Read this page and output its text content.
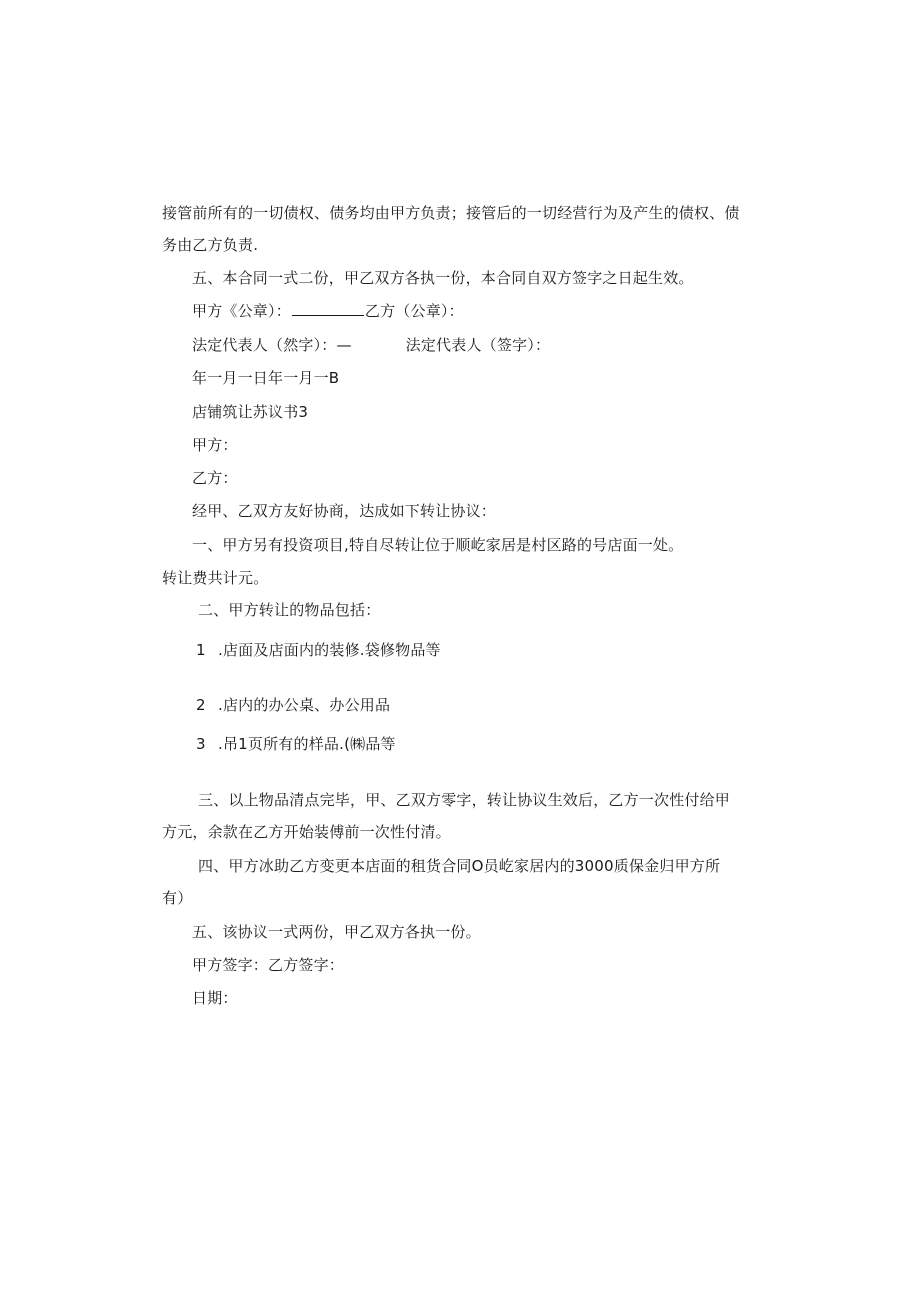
接管前所有的一切债权、债务均由甲方负责；接管后的一切经营行为及产生的债权、债
务由乙方负责.
五、本合同一式二份，甲乙双方各执一份，本合同自双方签字之日起生效。
甲方《公章）：	乙方（公章）：
法定代表人（然字）：—	法定代表人（签字）：
年一月一日年一月一B
店铺筑让苏议书3
甲方：
乙方：
经甲、乙双方友好协商，达成如下转让协议：
一、甲方另有投资项目,特自尽转让位于顺屹家居是村区路的号店面一处。
转让费共计元。
二、甲方转让的物品包括：
1 .店面及店面内的装修.袋修物品等
2 .店内的办公桌、办公用品
3 .吊1页所有的样品.(㈱品等
三、以上物品清点完毕，甲、乙双方零字，转让协议生效后，乙方一次性付给甲
方元，余款在乙方开始装傅前一次性付清。
四、甲方冰助乙方变更本店面的租货合同O员屹家居内的3000质保金归甲方所
有）
五、该协议一式两份，甲乙双方各执一份。
甲方签字：乙方签字：
日期：
